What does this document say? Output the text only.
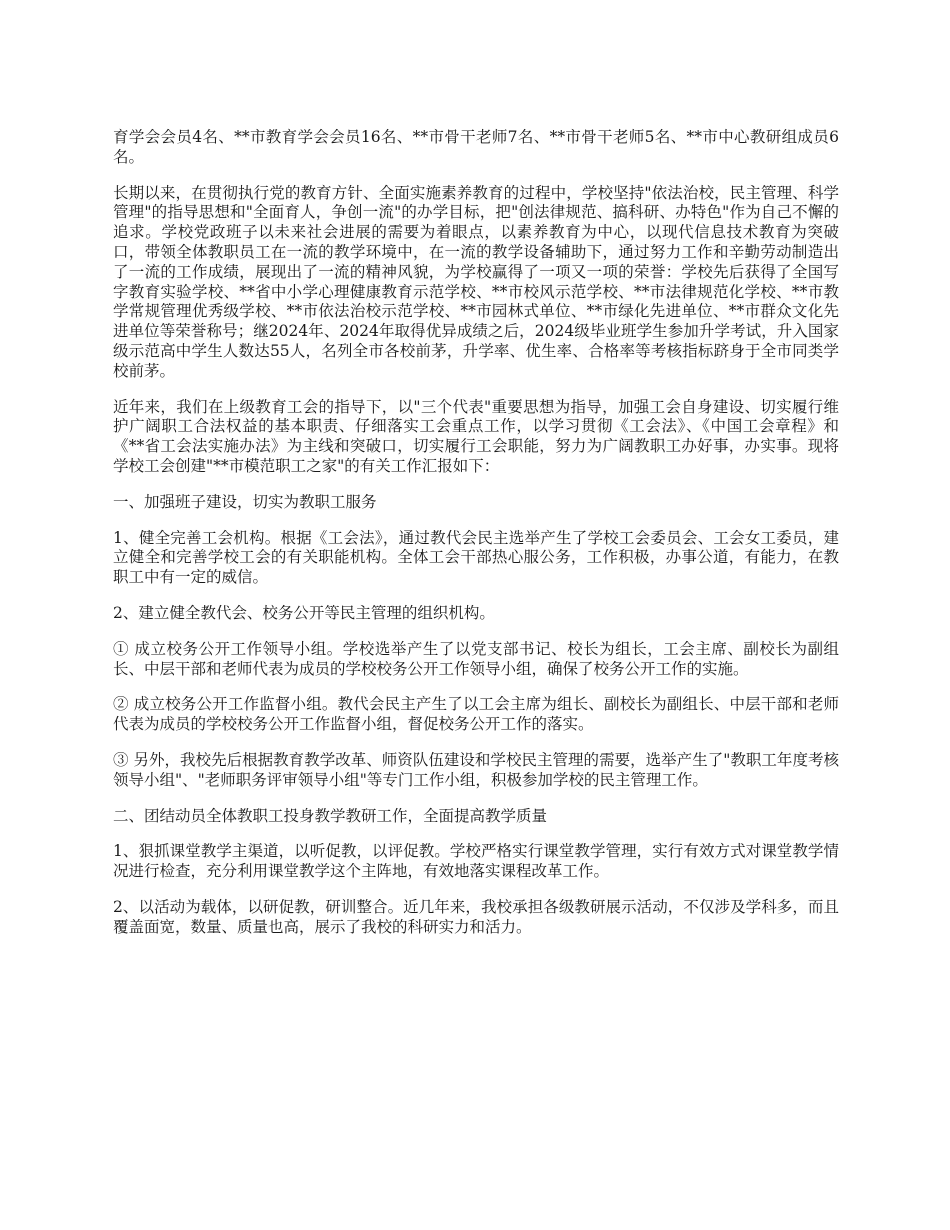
育学会会员4名、**市教育学会会员16名、**市骨干老师7名、**市骨干老师5名、**市中心教研组成员6名。

长期以来，在贯彻执行党的教育方针、全面实施素养教育的过程中，学校坚持"依法治校，民主管理、科学管理"的指导思想和"全面育人，争创一流"的办学目标，把"创法律规范、搞科研、办特色"作为自己不懈的追求。学校党政班子以未来社会进展的需要为着眼点，以素养教育为中心，以现代信息技术教育为突破口，带领全体教职员工在一流的教学环境中，在一流的教学设备辅助下，通过努力工作和辛勤劳动制造出了一流的工作成绩，展现出了一流的精神风貌，为学校赢得了一项又一项的荣誉：学校先后获得了全国写字教育实验学校、**省中小学心理健康教育示范学校、**市校风示范学校、**市法律规范化学校、**市教学常规管理优秀级学校、**市依法治校示范学校、**市园林式单位、**市绿化先进单位、**市群众文化先进单位等荣誉称号；继2024年、2024年取得优异成绩之后，2024级毕业班学生参加升学考试，升入国家级示范高中学生人数达55人，名列全市各校前茅，升学率、优生率、合格率等考核指标跻身于全市同类学校前茅。

近年来，我们在上级教育工会的指导下，以"三个代表"重要思想为指导，加强工会自身建设、切实履行维护广阔职工合法权益的基本职责、仔细落实工会重点工作，以学习贯彻《工会法》、《中国工会章程》和《**省工会法实施办法》为主线和突破口，切实履行工会职能，努力为广阔教职工办好事，办实事。现将学校工会创建"**市模范职工之家"的有关工作汇报如下：

一、加强班子建设，切实为教职工服务

1、健全完善工会机构。根据《工会法》，通过教代会民主选举产生了学校工会委员会、工会女工委员，建立健全和完善学校工会的有关职能机构。全体工会干部热心服公务，工作积极，办事公道，有能力，在教职工中有一定的威信。

2、建立健全教代会、校务公开等民主管理的组织机构。

① 成立校务公开工作领导小组。学校选举产生了以党支部书记、校长为组长，工会主席、副校长为副组长、中层干部和老师代表为成员的学校校务公开工作领导小组，确保了校务公开工作的实施。

② 成立校务公开工作监督小组。教代会民主产生了以工会主席为组长、副校长为副组长、中层干部和老师代表为成员的学校校务公开工作监督小组，督促校务公开工作的落实。

③ 另外，我校先后根据教育教学改革、师资队伍建设和学校民主管理的需要，选举产生了"教职工年度考核领导小组"、"老师职务评审领导小组"等专门工作小组，积极参加学校的民主管理工作。

二、团结动员全体教职工投身教学教研工作，全面提高教学质量

1、狠抓课堂教学主渠道，以听促教，以评促教。学校严格实行课堂教学管理，实行有效方式对课堂教学情况进行检查，充分利用课堂教学这个主阵地，有效地落实课程改革工作。

2、以活动为载体，以研促教，研训整合。近几年来，我校承担各级教研展示活动，不仅涉及学科多，而且覆盖面宽，数量、质量也高，展示了我校的科研实力和活力。
